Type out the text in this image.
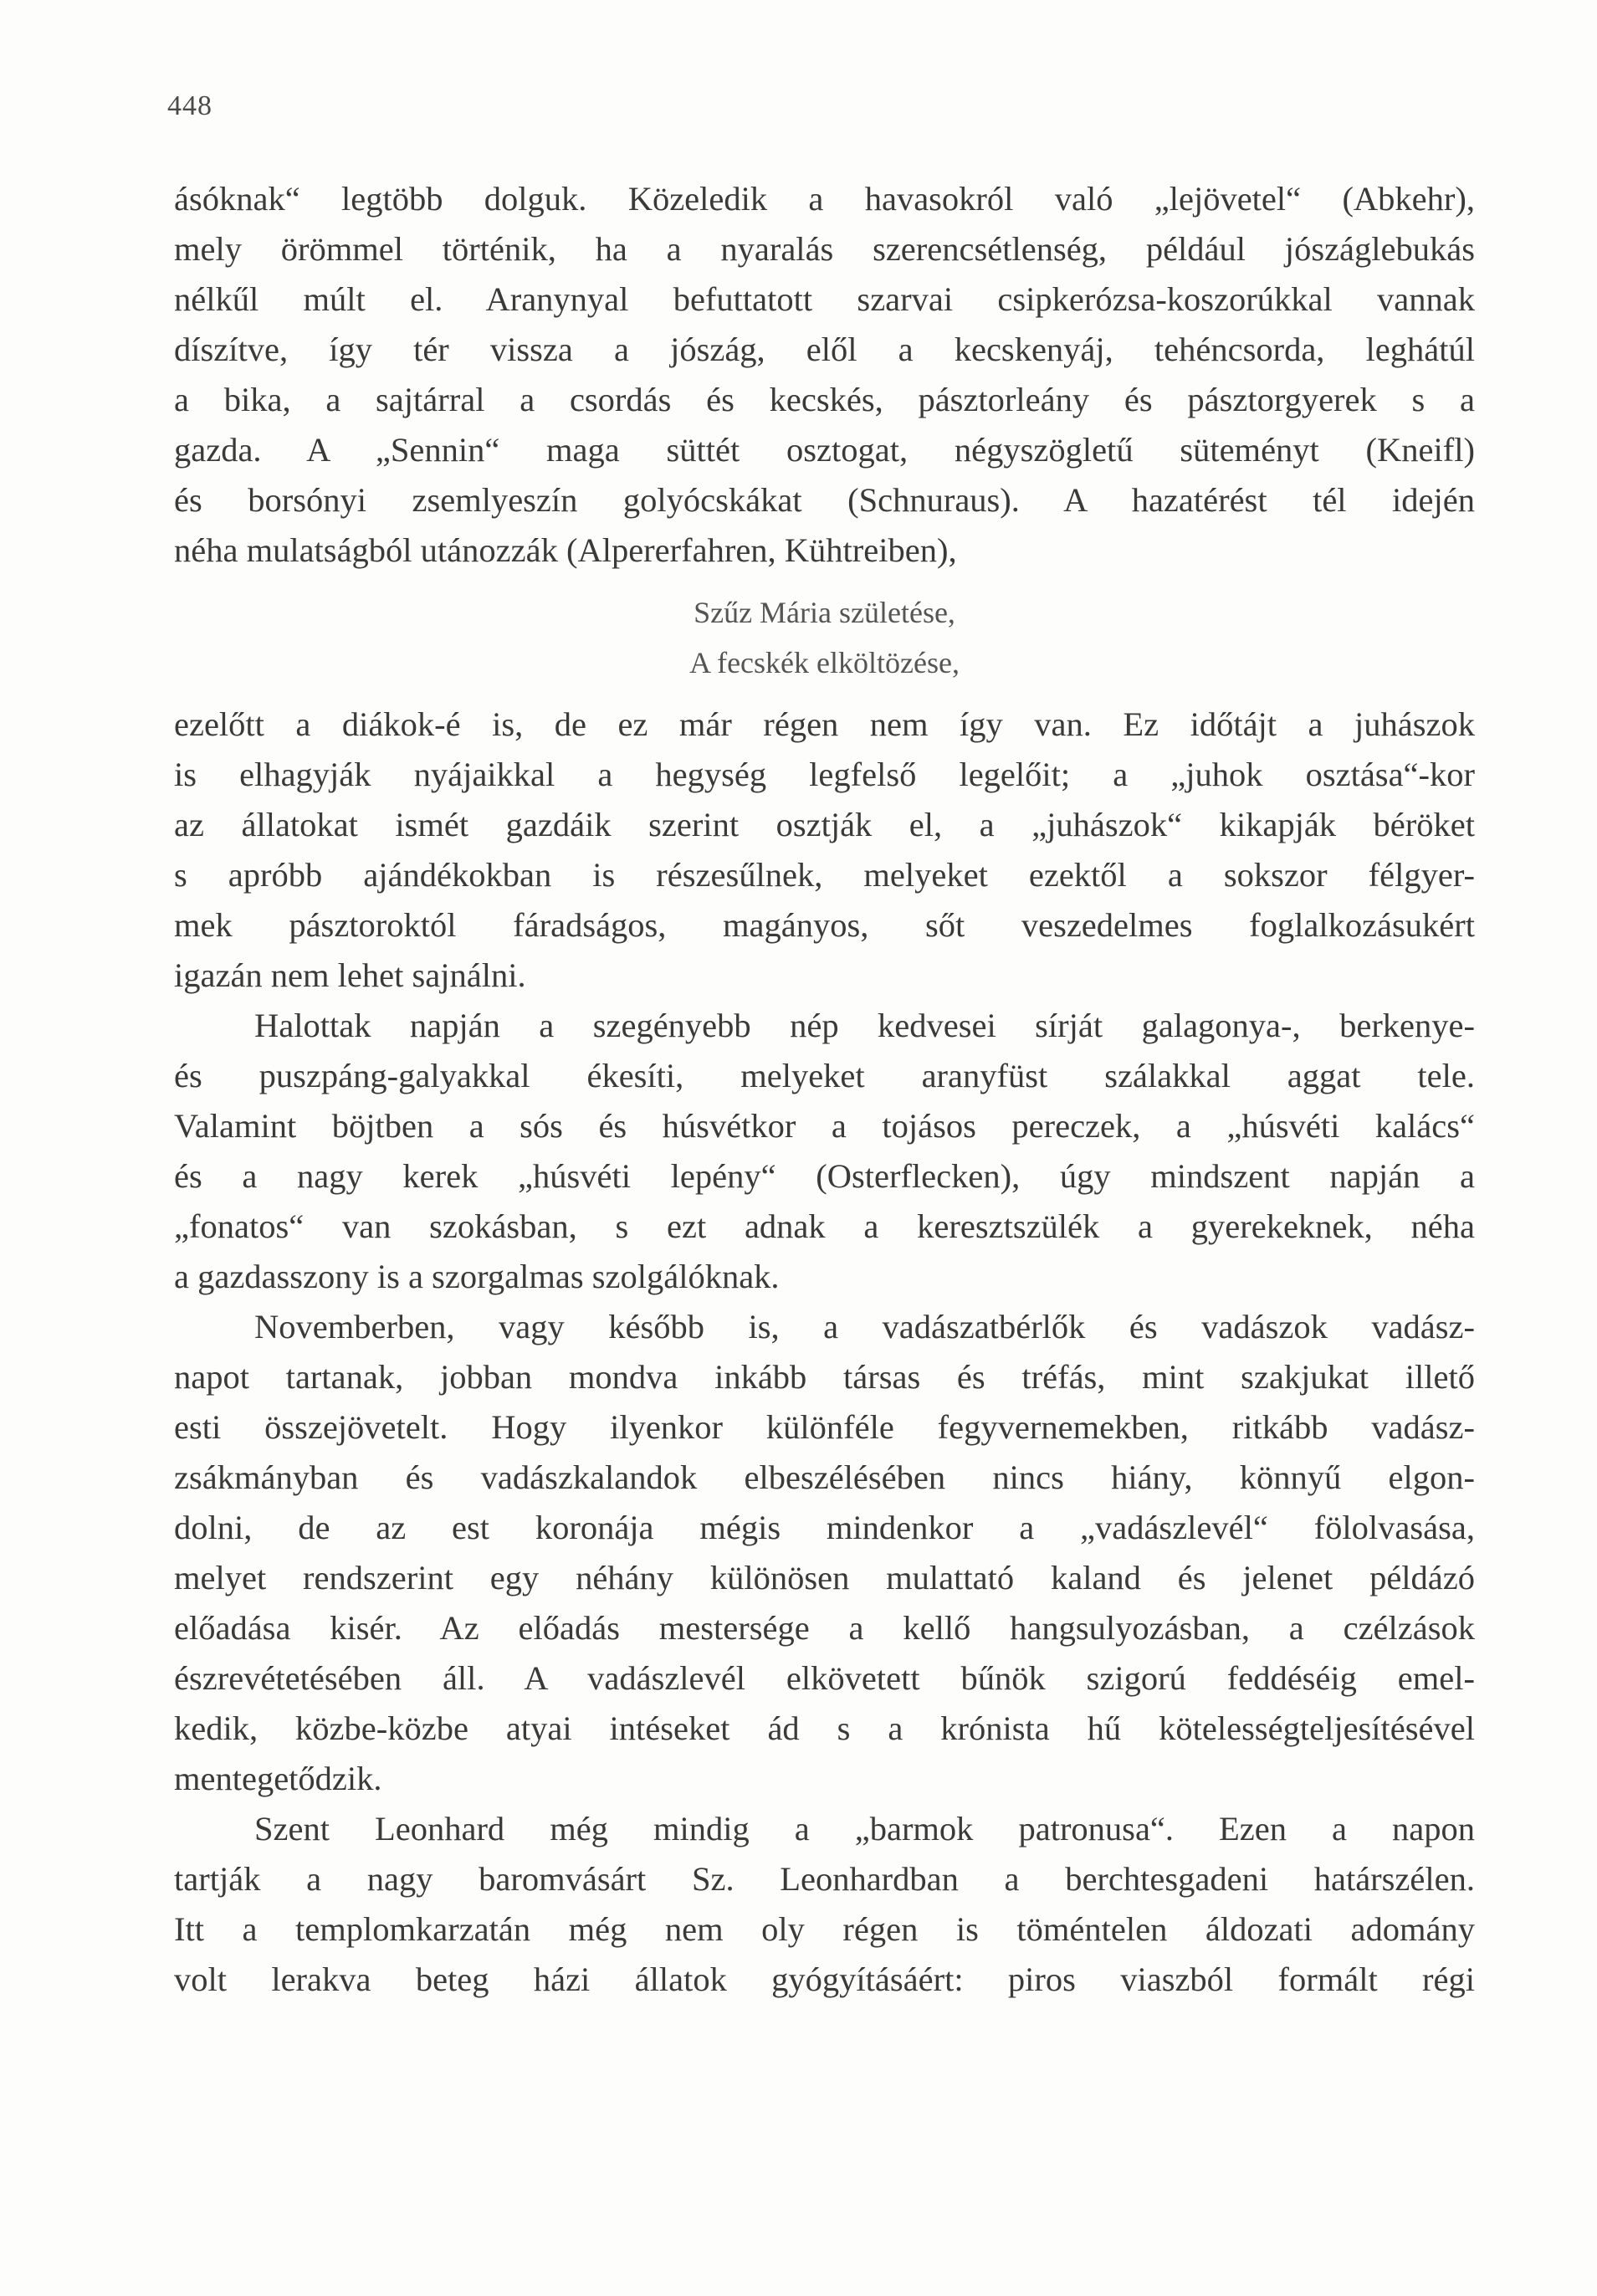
448
ásóknak“ legtöbb dolguk. Közeledik a havasokról való „lejövetel“ (Abkehr),
mely örömmel történik, ha a nyaralás szerencsétlenség, például jószáglebukás
nélkűl múlt el. Aranynyal befuttatott szarvai csipkerózsa-koszorúkkal vannak
díszítve, így tér vissza a jószág, elől a kecskenyáj, tehéncsorda, leghátúl
a bika, a sajtárral a csordás és kecskés, pásztorleány és pásztorgyerek s a
gazda. A „Sennin“ maga süttét osztogat, négyszögletű süteményt (Kneifl)
és borsónyi zsemlyeszín golyócskákat (Schnuraus). A hazatérést tél idején
néha mulatságból utánozzák (Alpererfahren, Kühtreiben),
Szűz Mária születése,
A fecskék elköltözése,
ezelőtt a diákok-é is, de ez már régen nem így van. Ez időtájt a juhászok
is elhagyják nyájaikkal a hegység legfelső legelőit; a „juhok osztása“-kor
az állatokat ismét gazdáik szerint osztják el, a „juhászok“ kikapják béröket
s apróbb ajándékokban is részesűlnek, melyeket ezektől a sokszor félgyer-
mek pásztoroktól fáradságos, magányos, sőt veszedelmes foglalkozásukért
igazán nem lehet sajnálni.
Halottak napján a szegényebb nép kedvesei sírját galagonya-, berkenye-
és puszpáng-galyakkal ékesíti, melyeket aranyfüst szálakkal aggat tele.
Valamint böjtben a sós és húsvétkor a tojásos pereczek, a „húsvéti kalács“
és a nagy kerek „húsvéti lepény“ (Osterflecken), úgy mindszent napján a
„fonatos“ van szokásban, s ezt adnak a keresztszülék a gyerekeknek, néha
a gazdasszony is a szorgalmas szolgálóknak.
Novemberben, vagy később is, a vadászatbérlők és vadászok vadász-
napot tartanak, jobban mondva inkább társas és tréfás, mint szakjukat illető
esti összejövetelt. Hogy ilyenkor különféle fegyvernemekben, ritkább vadász-
zsákmányban és vadászkalandok elbeszélésében nincs hiány, könnyű elgon-
dolni, de az est koronája mégis mindenkor a „vadászlevél“ fölolvasása,
melyet rendszerint egy néhány különösen mulattató kaland és jelenet példázó
előadása kisér. Az előadás mestersége a kellő hangsulyozásban, a czélzások
észrevétetésében áll. A vadászlevél elkövetett bűnök szigorú feddéséig emel-
kedik, közbe-közbe atyai intéseket ád s a krónista hű kötelességteljesítésével
mentegetődzik.
Szent Leonhard még mindig a „barmok patronusa“. Ezen a napon
tartják a nagy baromvásárt Sz. Leonhardban a berchtesgadeni határszélen.
Itt a templomkarzatán még nem oly régen is töméntelen áldozati adomány
volt lerakva beteg házi állatok gyógyításáért: piros viaszból formált régi
